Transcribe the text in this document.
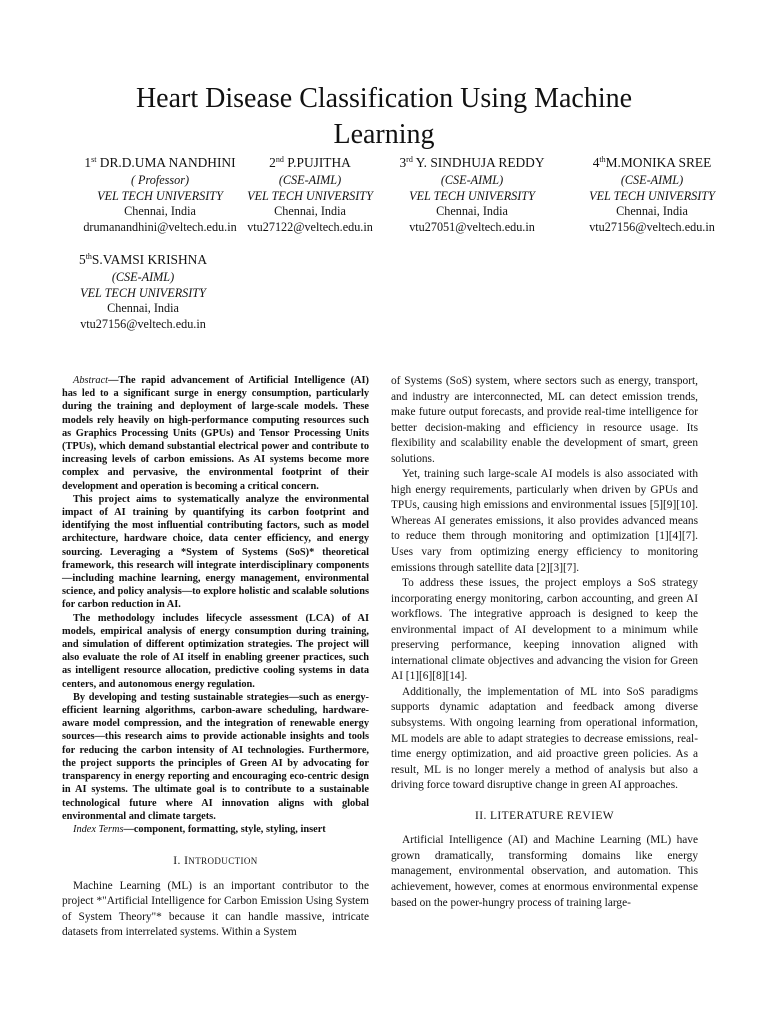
Heart Disease Classification Using Machine
Learning
1st DR.D.UMA NANDHINI
( Professor)
VEL TECH UNIVERSITY
Chennai, India
drumanandhini@veltech.edu.in
2nd P.PUJITHA
(CSE-AIML)
VEL TECH UNIVERSITY
Chennai, India
vtu27122@veltech.edu.in
3rd Y. SINDHUJA REDDY
(CSE-AIML)
VEL TECH UNIVERSITY
Chennai, India
vtu27051@veltech.edu.in
4thM.MONIKA SREE
(CSE-AIML)
VEL TECH UNIVERSITY
Chennai, India
vtu27156@veltech.edu.in
5thS.VAMSI KRISHNA
(CSE-AIML)
VEL TECH UNIVERSITY
Chennai, India
vtu27156@veltech.edu.in

Abstract—The rapid advancement of Artificial Intelligence (AI) has led to a significant surge in energy consumption, particularly during the training and deployment of large-scale models. These models rely heavily on high-performance computing resources such as Graphics Processing Units (GPUs) and Tensor Processing Units (TPUs), which demand substantial electrical power and contribute to increasing levels of carbon emissions. As AI systems become more complex and pervasive, the environmental footprint of their development and operation is becoming a critical concern.

This project aims to systematically analyze the environmental impact of AI training by quantifying its carbon footprint and identifying the most influential contributing factors, such as model architecture, hardware choice, data center efficiency, and energy sourcing. Leveraging a *System of Systems (SoS)* theoretical framework, this research will integrate interdisciplinary components—including machine learning, energy management, environmental science, and policy analysis—to explore holistic and scalable solutions for carbon reduction in AI.

The methodology includes lifecycle assessment (LCA) of AI models, empirical analysis of energy consumption during training, and simulation of different optimization strategies. The project will also evaluate the role of AI itself in enabling greener practices, such as intelligent resource allocation, predictive cooling systems in data centers, and autonomous energy regulation.

By developing and testing sustainable strategies—such as energy-efficient learning algorithms, carbon-aware scheduling, hardware-aware model compression, and the integration of renewable energy sources—this research aims to provide actionable insights and tools for reducing the carbon intensity of AI technologies. Furthermore, the project supports the principles of Green AI by advocating for transparency in energy reporting and encouraging eco-centric design in AI systems. The ultimate goal is to contribute to a sustainable technological future where AI innovation aligns with global environmental and climate targets.

Index Terms—component, formatting, style, styling, insert

I. INTRODUCTION

Machine Learning (ML) is an important contributor to the project *"Artificial Intelligence for Carbon Emission Using System of System Theory"* because it can handle massive, intricate datasets from interrelated systems. Within a System

of Systems (SoS) system, where sectors such as energy, transport, and industry are interconnected, ML can detect emission trends, make future output forecasts, and provide real-time intelligence for better decision-making and efficiency in resource usage. Its flexibility and scalability enable the development of smart, green solutions.

Yet, training such large-scale AI models is also associated with high energy requirements, particularly when driven by GPUs and TPUs, causing high emissions and environmental issues [5][9][10]. Whereas AI generates emissions, it also provides advanced means to reduce them through monitoring and optimization [1][4][7]. Uses vary from optimizing energy efficiency to monitoring emissions through satellite data [2][3][7].

To address these issues, the project employs a SoS strategy incorporating energy monitoring, carbon accounting, and green AI workflows. The integrative approach is designed to keep the environmental impact of AI development to a minimum while preserving performance, keeping innovation aligned with international climate objectives and advancing the vision for Green AI [1][6][8][14].

Additionally, the implementation of ML into SoS paradigms supports dynamic adaptation and feedback among diverse subsystems. With ongoing learning from operational information, ML models are able to adapt strategies to decrease emissions, real-time energy optimization, and aid proactive green policies. As a result, ML is no longer merely a method of analysis but also a driving force toward disruptive change in green AI approaches.

II. LITERATURE REVIEW

Artificial Intelligence (AI) and Machine Learning (ML) have grown dramatically, transforming domains like energy management, environmental observation, and automation. This achievement, however, comes at enormous environmental expense based on the power-hungry process of training large-
